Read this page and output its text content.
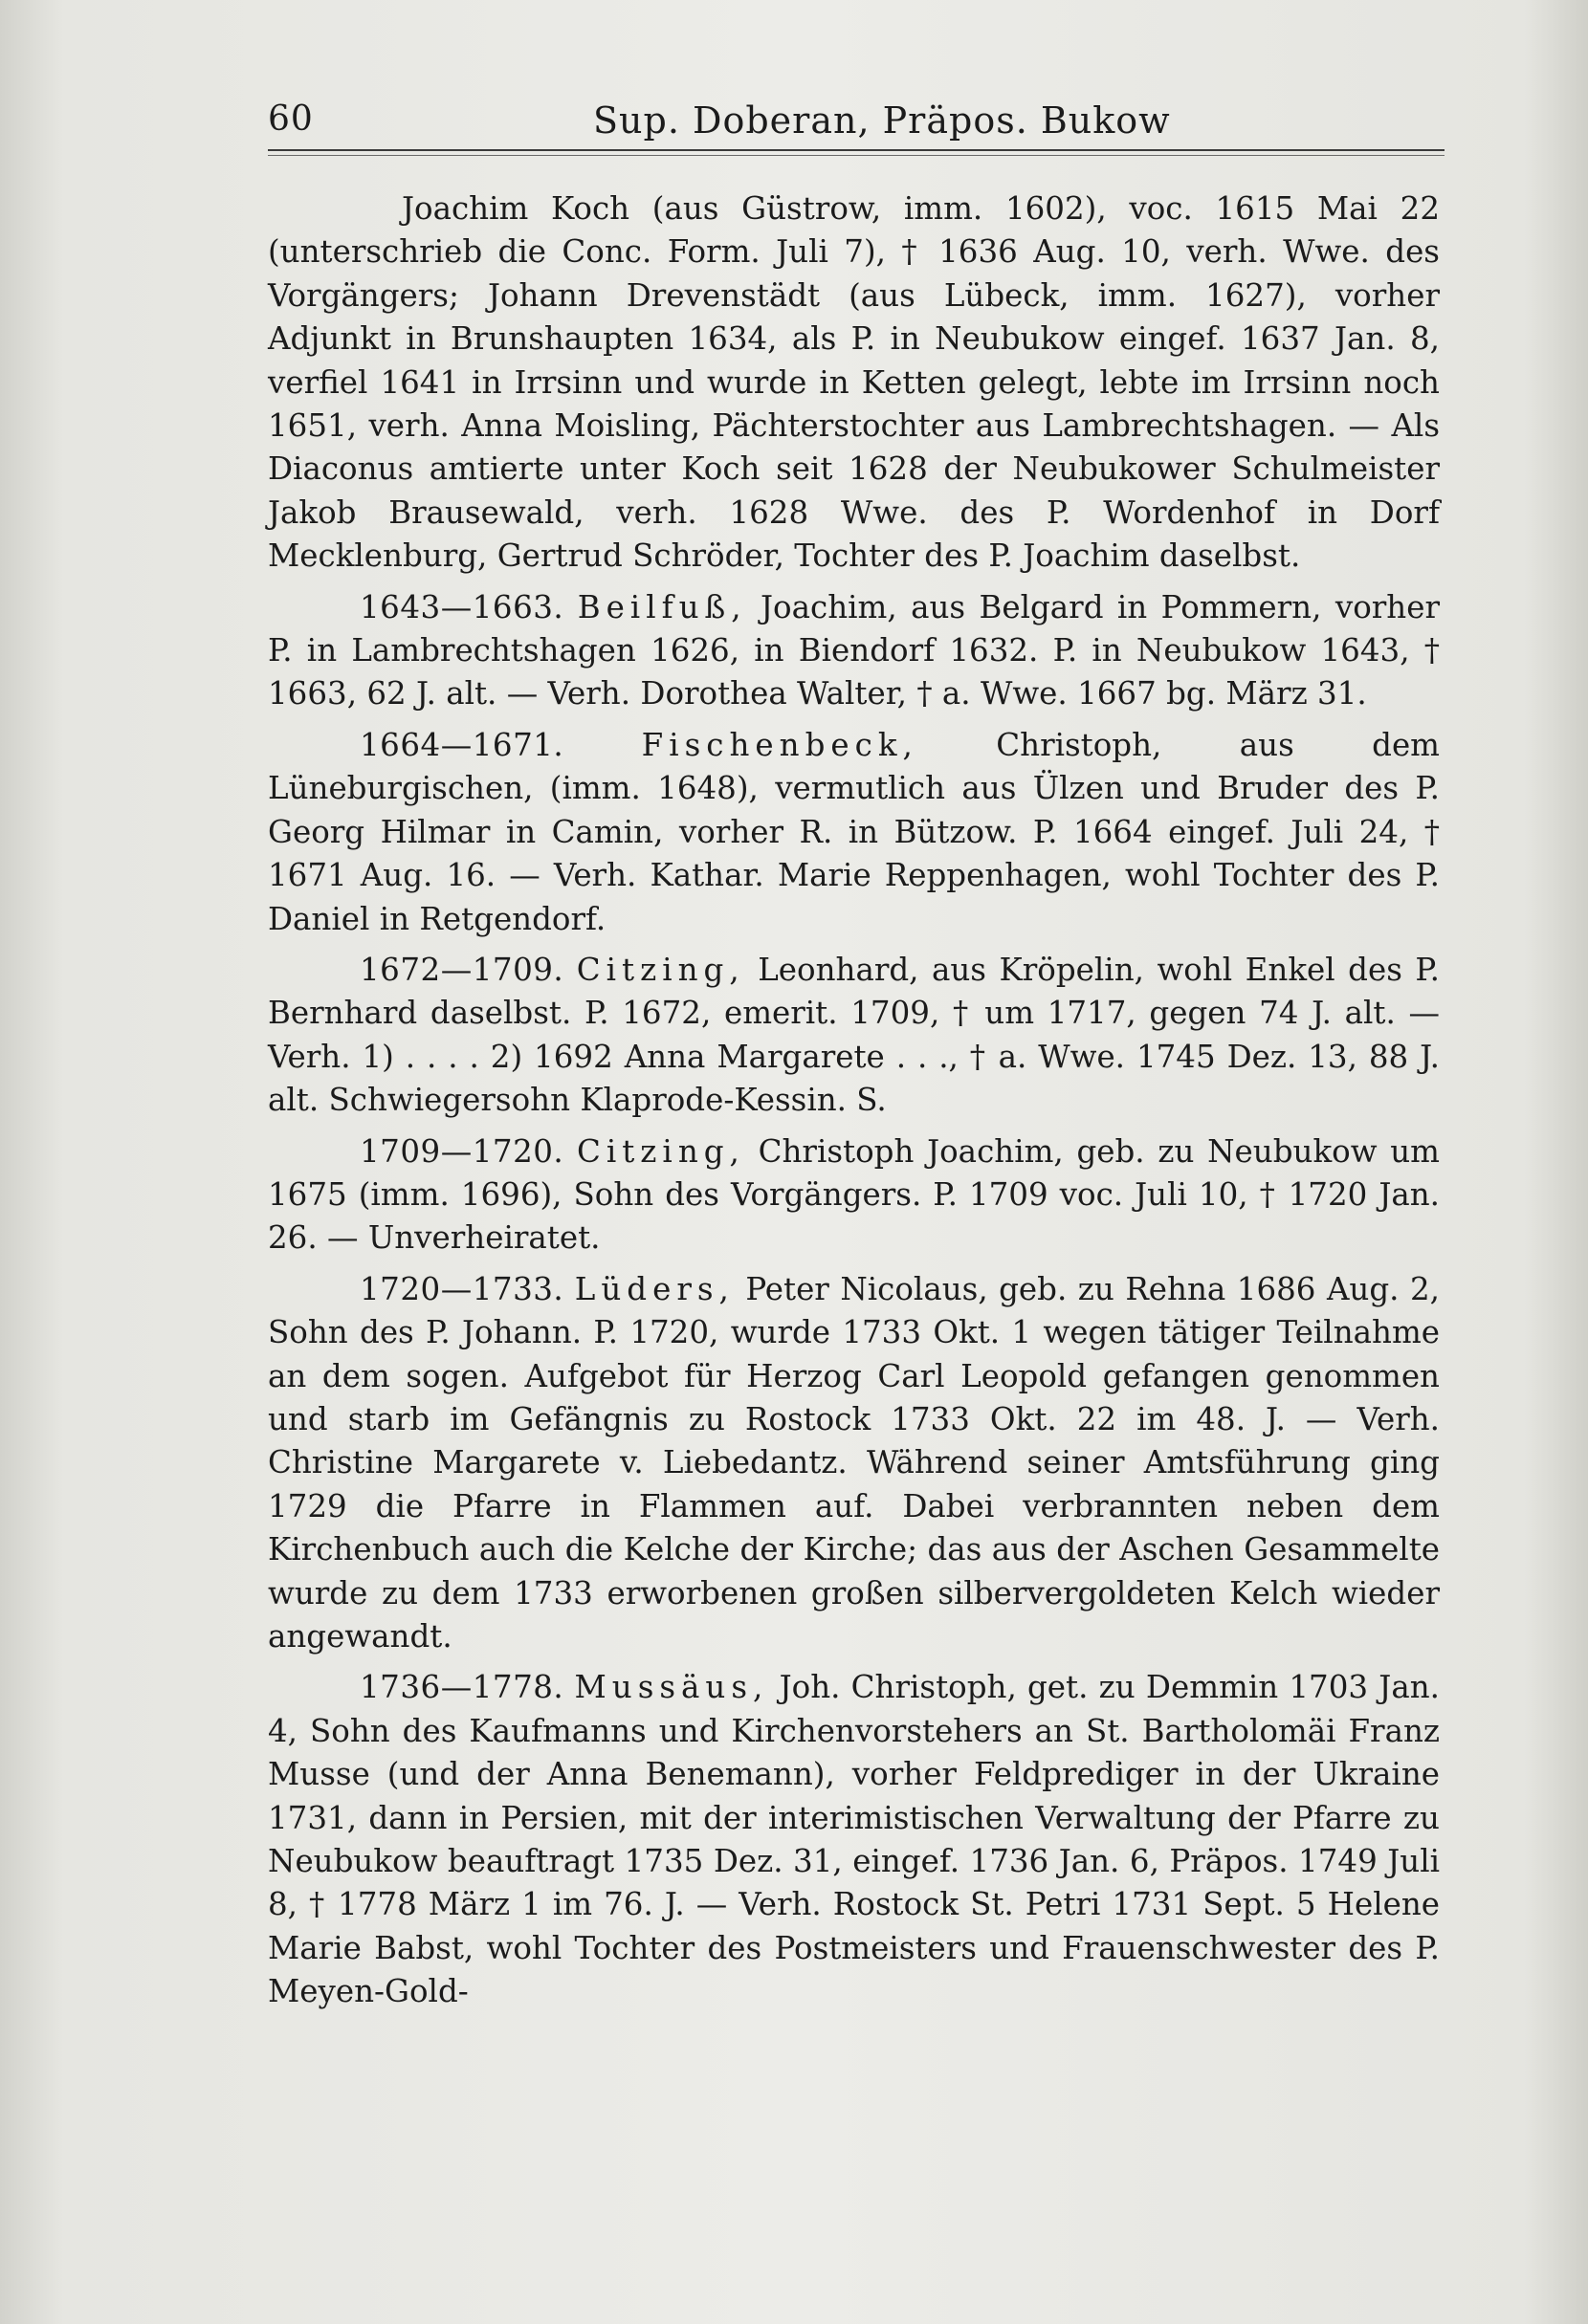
60	Sup. Doberan, Präpos. Bukow

Joachim Koch (aus Güstrow, imm. 1602), voc. 1615 Mai 22 (unterschrieb die Conc. Form. Juli 7), † 1636 Aug. 10, verh. Wwe. des Vorgängers; Johann Drevenstädt (aus Lübeck, imm. 1627), vorher Adjunkt in Brunshaupten 1634, als P. in Neubukow eingef. 1637 Jan. 8, verfiel 1641 in Irrsinn und wurde in Ketten gelegt, lebte im Irrsinn noch 1651, verh. Anna Moisling, Pächterstochter aus Lambrechtshagen. — Als Diaconus amtierte unter Koch seit 1628 der Neubukower Schulmeister Jakob Brausewald, verh. 1628 Wwe. des P. Wordenhof in Dorf Mecklenburg, Gertrud Schröder, Tochter des P. Joachim daselbst.

1643—1663. Beilfuß, Joachim, aus Belgard in Pommern, vorher P. in Lambrechtshagen 1626, in Biendorf 1632. P. in Neubukow 1643, † 1663, 62 J. alt. — Verh. Dorothea Walter, † a. Wwe. 1667 bg. März 31.

1664—1671.	Fischenbeck,	Christoph, aus dem Lüneburgischen, (imm. 1648), vermutlich aus Ülzen und Bruder des P. Georg Hilmar in Camin, vorher R. in Bützow. P. 1664 eingef. Juli 24, † 1671 Aug. 16. — Verh. Kathar. Marie Reppenhagen, wohl Tochter des P. Daniel in Retgendorf.

1672—1709. Citzing, Leonhard, aus Kröpelin, wohl Enkel des P. Bernhard daselbst. P. 1672, emerit. 1709, † um 1717, gegen 74 J. alt. — Verh. 1) . . . . 2) 1692 Anna Margarete . . ., † a. Wwe. 1745 Dez. 13, 88 J. alt. Schwiegersohn Klaprode-Kessin. S.

1709—1720. Citzing, Christoph Joachim, geb. zu Neubukow um 1675 (imm. 1696), Sohn des Vorgängers. P. 1709 voc. Juli 10, † 1720 Jan. 26. — Unverheiratet.

1720—1733. Lüders, Peter Nicolaus, geb. zu Rehna 1686 Aug. 2, Sohn des P. Johann. P. 1720, wurde 1733 Okt. 1 wegen tätiger Teilnahme an dem sogen. Aufgebot für Herzog Carl Leopold gefangen genommen und starb im Gefängnis zu Rostock 1733 Okt. 22 im 48. J. — Verh. Christine Margarete v. Liebedantz. Während seiner Amtsführung ging 1729 die Pfarre in Flammen auf. Dabei verbrannten neben dem Kirchenbuch auch die Kelche der Kirche; das aus der Aschen Gesammelte wurde zu dem 1733 erworbenen großen silbervergoldeten Kelch wieder angewandt.

1736—1778. Mussäus, Joh. Christoph, get. zu Demmin 1703 Jan. 4, Sohn des Kaufmanns und Kirchenvorstehers an St. Bartholomäi Franz Musse (und der Anna Benemann), vorher Feldprediger in der Ukraine 1731, dann in Persien, mit der interimistischen Verwaltung der Pfarre zu Neubukow beauftragt 1735 Dez. 31, eingef. 1736 Jan. 6, Präpos. 1749 Juli 8, † 1778 März 1 im 76. J. — Verh. Rostock St. Petri 1731 Sept. 5 Helene Marie Babst, wohl Tochter des Postmeisters und Frauenschwester des P. Meyen-Gold-
